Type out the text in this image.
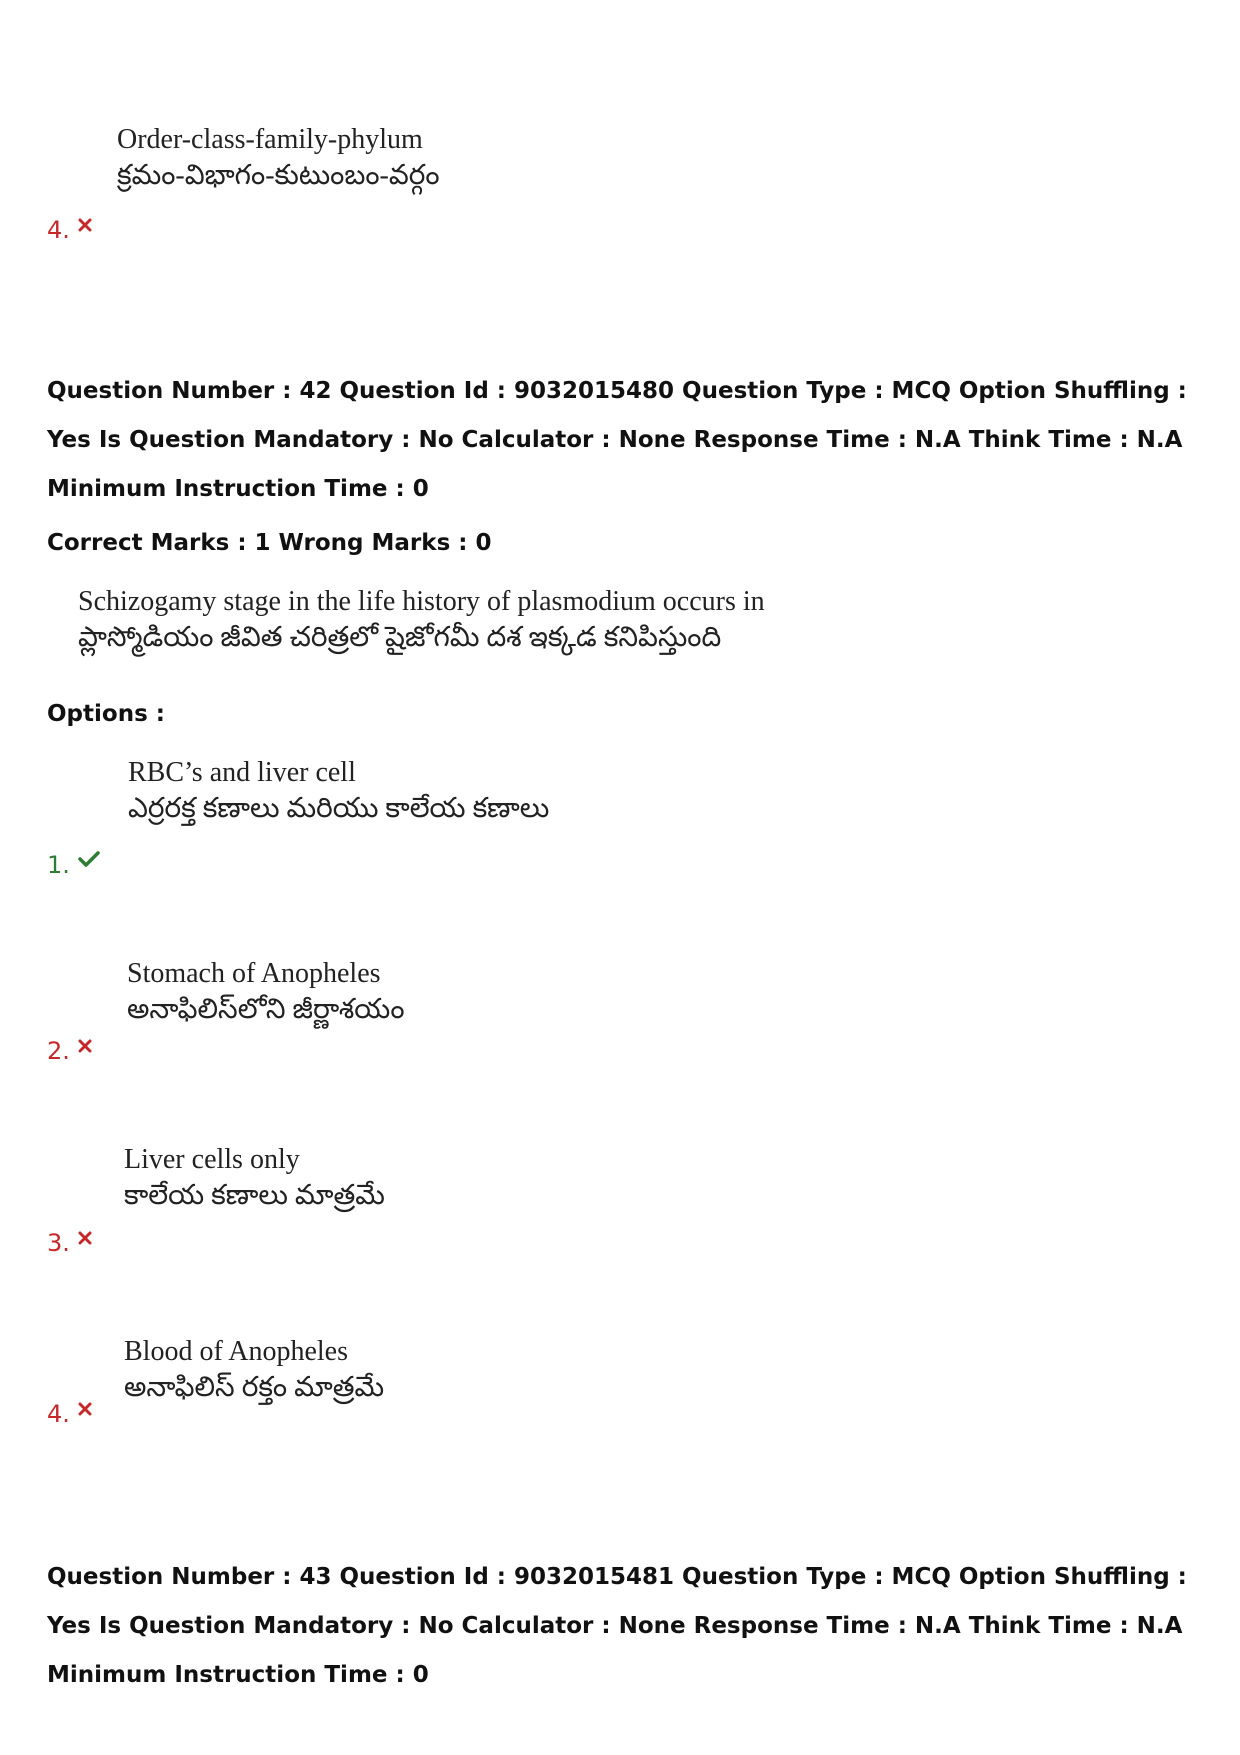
Order-class-family-phylum
క్రమం-విభాగం-కుటుంబం-వర్గం
4.
Question Number : 42 Question Id : 9032015480 Question Type : MCQ Option Shuffling : Yes Is Question Mandatory : No Calculator : None Response Time : N.A Think Time : N.A Minimum Instruction Time : 0
Correct Marks : 1 Wrong Marks : 0
Schizogamy stage in the life history of plasmodium occurs in
ప్లాస్మోడియం జీవిత చరిత్రలో షైజోగమీ దశ ఇక్కడ కనిపిస్తుంది
Options :
RBC’s and liver cell
ఎర్రరక్త కణాలు మరియు కాలేయ కణాలు
1.
Stomach of Anopheles
అనాఫిలిస్‌లోని జీర్ణాశయం
2.
Liver cells only
కాలేయ కణాలు మాత్రమే
3.
Blood of Anopheles
అనాఫిలిస్ రక్తం మాత్రమే
4.
Question Number : 43 Question Id : 9032015481 Question Type : MCQ Option Shuffling : Yes Is Question Mandatory : No Calculator : None Response Time : N.A Think Time : N.A Minimum Instruction Time : 0
